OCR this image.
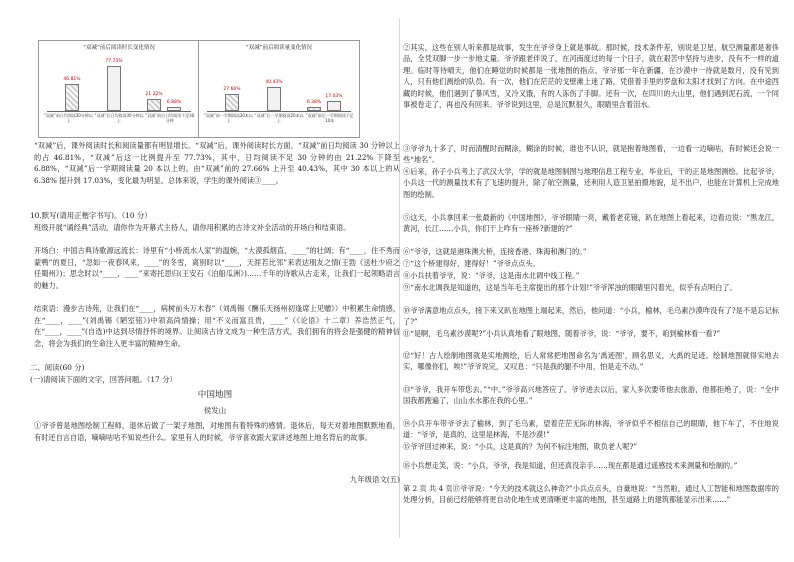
“双减”前后阅读时长变化情况
46.81%
77.73%
21.22%
6.88%
“双减”前日均阅读30分钟以上
“双减”后日均阅读30分钟以上
“双减”前后日均阅读不足30分钟
“双减”前后阅读量变化情况
27.66%
40.43%
6.38%
17.03%
“双减”前一学期阅读20本以上
“双减”后一学期阅读20本以上
“双减”前后一学期阅读不足10本
“双减”后，课外阅读时长和阅读量都有明显增长。“双减”后，课外阅读时长方面，“双减”前日均阅读 30 分钟以上的占 46.81%，“双减”后这一比例提升至 77.73%，其中，日均阅读不足 30 分钟的由 21.22% 下降至 6.88%，“双减”后一学期阅读量 20 本以上的，由“双减”前的 27.66% 上升至 40.43%，其中 30 本以上的从 6.38% 提升到 17.03%，变化最为明显。总体来说，学生的课外阅读③____。
10.默写(请用正楷字书写)。（10 分）
班级开展“诵经典”活动，请你作为开幕式主持人，请你用积累的古诗文补全活动的开场白和结束语。
开场白：中国古典诗歌源远流长：诗里有“小桥流水人家”的温婉，“大漠孤烟直，____”的壮阔；有“____，住不秀而蒙鸭”的夏日，“忽如一夜春风来，____”的冬雪，离别时以“____，天涯若比邻”来表达朋友之情(王勃《送杜少府之任蜀州》)；思念时以“____，____”来寄托思归(王安石《泊船瓜洲》)……千年的诗歌从古走来，让我们一起领略语言的魅力。
结束语：漫步古诗苑，让我们在“____，病树前头万木春”（刘禹锡《酬乐天扬州初逢席上见赠》）中积累生命情感，在“____，____”(刘禹锡《陋室铭》)中领高尚情操；用“不义而富且贵，____”（《论语》十二章）养浩然正气，在“____，____”(自选)中达到尽情抒怀的境界。让阅读古诗文成为一种生活方式，我们拥有的将会是强健的精神信念，将会为我们的生命注入更丰富的精神生命。
二、阅读(60 分)
(一)请阅读下面的文字，回答问题。（17 分）
中国地图
侯发山
①爷爷曾是地图绘制工程师，退休后做了一架子地图，对地图有着特殊的感情。退休后，每天对着地图默默地看，有时还自言自语，嘀嘀咕咕不知说些什么。家里有人的时候，爷爷喜欢跟大家讲述地图上地名背后的故事。
九年级语文(五)
②其实，这些在别人听来都是故事，发生在爷爷身上就是事故。那时候，技术条件差，别说是卫星、航空测量都是奢侈品，全凭双脚一步一步地丈量。爷爷跟老伴说了，在河南度过的每一个日子，就在艰苦中坚持与进步，没有不一样的道理。临时等待晴天，他们在睡觉的时候都是一张地图的指点。爷爷那一年在新疆，在沙漠中一待就是数月，没有见到人，只有他们测绘的队员。有一次，他们在茫茫的戈壁滩上迷了路，凭借着手里的罗盘和太阳才找到了方向。在中途西藏的时候，他们遇到了暴风雪，又冷又饿，有的人冻伤了手脚。还有一次，在四川的大山里，他们遇到泥石流，一个同事被卷走了，再也没有回来。爷爷说到这里，总是沉默很久，眼睛里含着泪水。
③爷爷九十多了，时而清醒时而糊涂，糊涂的时候，谁也不认识，就是抱着地图看，一边看一边嘀咕，有时候还会说一些“地名”。
④后来，孙子小兵考上了武汉大学，学的就是地图制图与地理信息工程专业，毕业后，干的正是地图测绘。比起爷爷，小兵这一代的测量技术有了飞速的提升，除了航空测量，还利用人造卫星拍摄地貌，足不出户，也能在计算机上完成地图的绘制。
⑤这天，小兵拿回来一张最新的《中国地图》，爷爷眼睛一亮，戴着老花镜，趴在地图上看起来，边看边说：“黑龙江，黄河，长江……小兵，你们干上咋有一座桥?新建的?”
⑥“爷爷，这就是港珠澳大桥，连接香港、珠海和澳门的。”
⑦“这个桥建得好，建得好！”爷爷点点头。
⑧小兵扶着爷爷，说：“爷爷，这是南水北调中线工程。”
⑨“南水北调我是知道的，这是当年毛主席提出的那个计划!”爷爷浑浊的眼睛里闪着光，似乎有点明白了。
⑩爷爷满意地点点头，接下来又趴在地图上端起来，然后，他问道：“小兵，榆林，毛乌素沙漠咋没有了?是不是忘记标了?”
⑪“是啊，毛乌素沙漠呢?”小兵认真地看了眼地图，随着爷爷，说：“爷爷，要不，咱到榆林看一看?”
⑫“好！古人绘制地图就是实地测绘，后人常常把地图命名为‘禹迹图’，顾名思义，大禹的足迹。绘制地图就得实地去实，哪像你们，唉!”爷爷说完，又叹息：“只是我的腿不中用，怕是走不动。”
⑬“爷爷，我开车带您去。”“中。”爷爷高兴地答应了。爷爷进去以后，家人多次要带他去旅游，他都拒绝了，说：“全中国我都跑遍了，山山水水都在我的心里。”
⑭小兵开车带爷爷去了榆林，到了毛乌素，望着茫茫无际的林海，爷爷似乎不相信自己的眼睛，他下车了，不住地说道：“爷爷，是真的，这里是林海，不是沙漠!”
⑮爷爷回过神来，说：“小兵，这是真的？为何不标注地图，欺负老人呢?”
⑯小兵想走笑，说：“小兵，爷爷，我是知道，但还真没亲手……现在都是通过遥感技术来测量和绘制的。”
第 2 页 共 4 页⑰爷爷说：“今天的技术就这么神奇?”小兵点点头，自豪地说：“当然啦，通过人工智能和地图数据库的处理分析，目前已经能够将更自动化地生成更清晰更丰富的地图，甚至道路上的建筑都能显示出来……”
